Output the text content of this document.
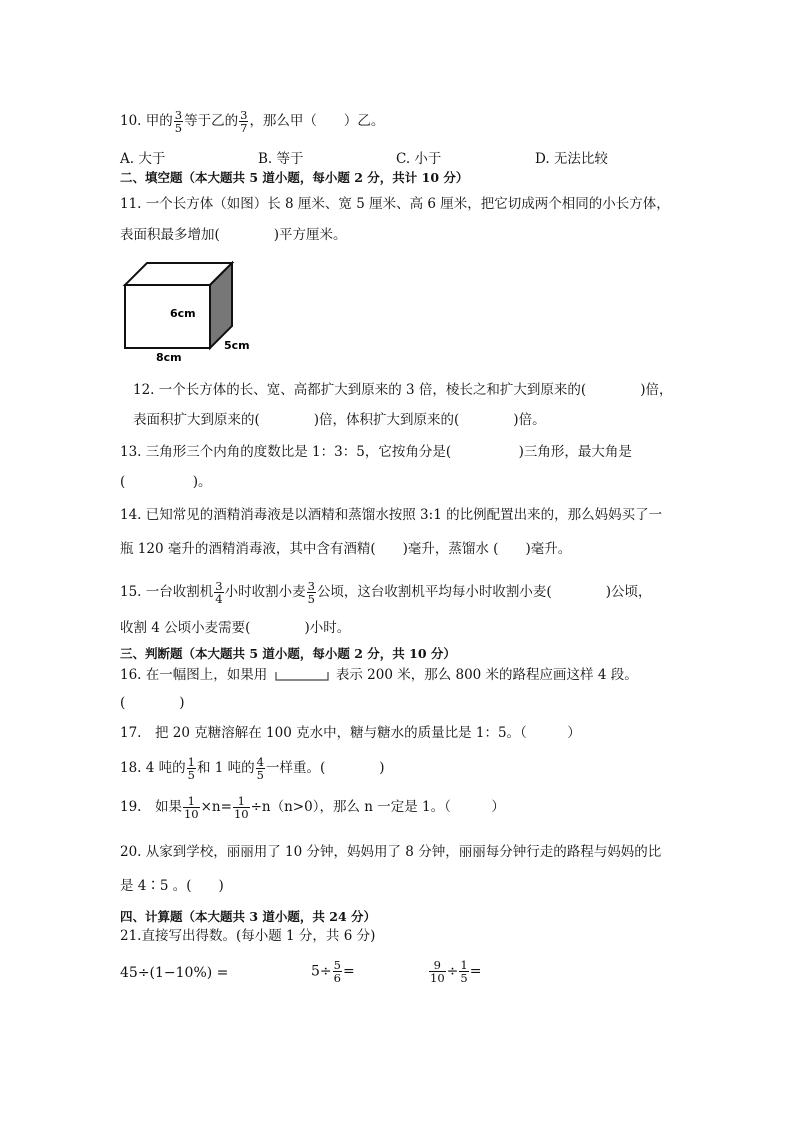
10. 甲的 $\frac{3}{5}$ 等于乙的 $\frac{3}{7}$ ，那么甲（　　）乙。
A. 大于	B. 等于	C. 小于	D. 无法比较
二、填空题（本大题共 5 道小题，每小题 2 分，共计 10 分）
11. 一个长方体（如图）长 8 厘米、宽 5 厘米、高 6 厘米，把它切成两个相同的小长方体，
表面积最多增加(　　　　)平方厘米。
6cm
5cm
8cm
12. 一个长方体的长、宽、高都扩大到原来的 3 倍，棱长之和扩大到原来的(　　　　)倍，
表面积扩大到原来的(　　　　)倍，体积扩大到原来的(　　　　)倍。
13. 三角形三个内角的度数比是 1：3：5，它按角分是(　　　　　)三角形，最大角是
(　　　　　)。
14. 已知常见的酒精消毒液是以酒精和蒸馏水按照 3:1 的比例配置出来的，那么妈妈买了一
瓶 120 毫升的酒精消毒液，其中含有酒精(　　)毫升，蒸馏水 (　　)毫升。
15. 一台收割机 $\frac{3}{4}$ 小时收割小麦 $\frac{3}{5}$ 公顷，这台收割机平均每小时收割小麦(　　　　)公顷，
收割 4 公顷小麦需要(　　　　)小时。
三、判断题（本大题共 5 道小题，每小题 2 分，共 10 分）
16. 在一幅图上，如果用	表示 200 米，那么 800 米的路程应画这样 4 段。
(　　　　)
17.　把 20 克糖溶解在 100 克水中，糖与糖水的质量比是 1：5。（　　　）
18. 4 吨的 $\frac{1}{5}$ 和 1 吨的 $\frac{4}{5}$ 一样重。(　　　　)
19.　如果 $\frac{1}{10} \times n= \frac{1}{10} \div n(n>0)$，那么 n 一定是 1。（　　　）
20. 从家到学校，丽丽用了 10 分钟，妈妈用了 8 分钟，丽丽每分钟行走的路程与妈妈的比
是 4∶5 。(　　)
四、计算题（本大题共 3 道小题，共 24 分）
21.直接写出得数。(每小题 1 分，共 6 分)
45÷(1−10%) =	$5\div \frac{5}{6}$ =	$\frac{9}{10} \div \frac{1}{5}$ =
